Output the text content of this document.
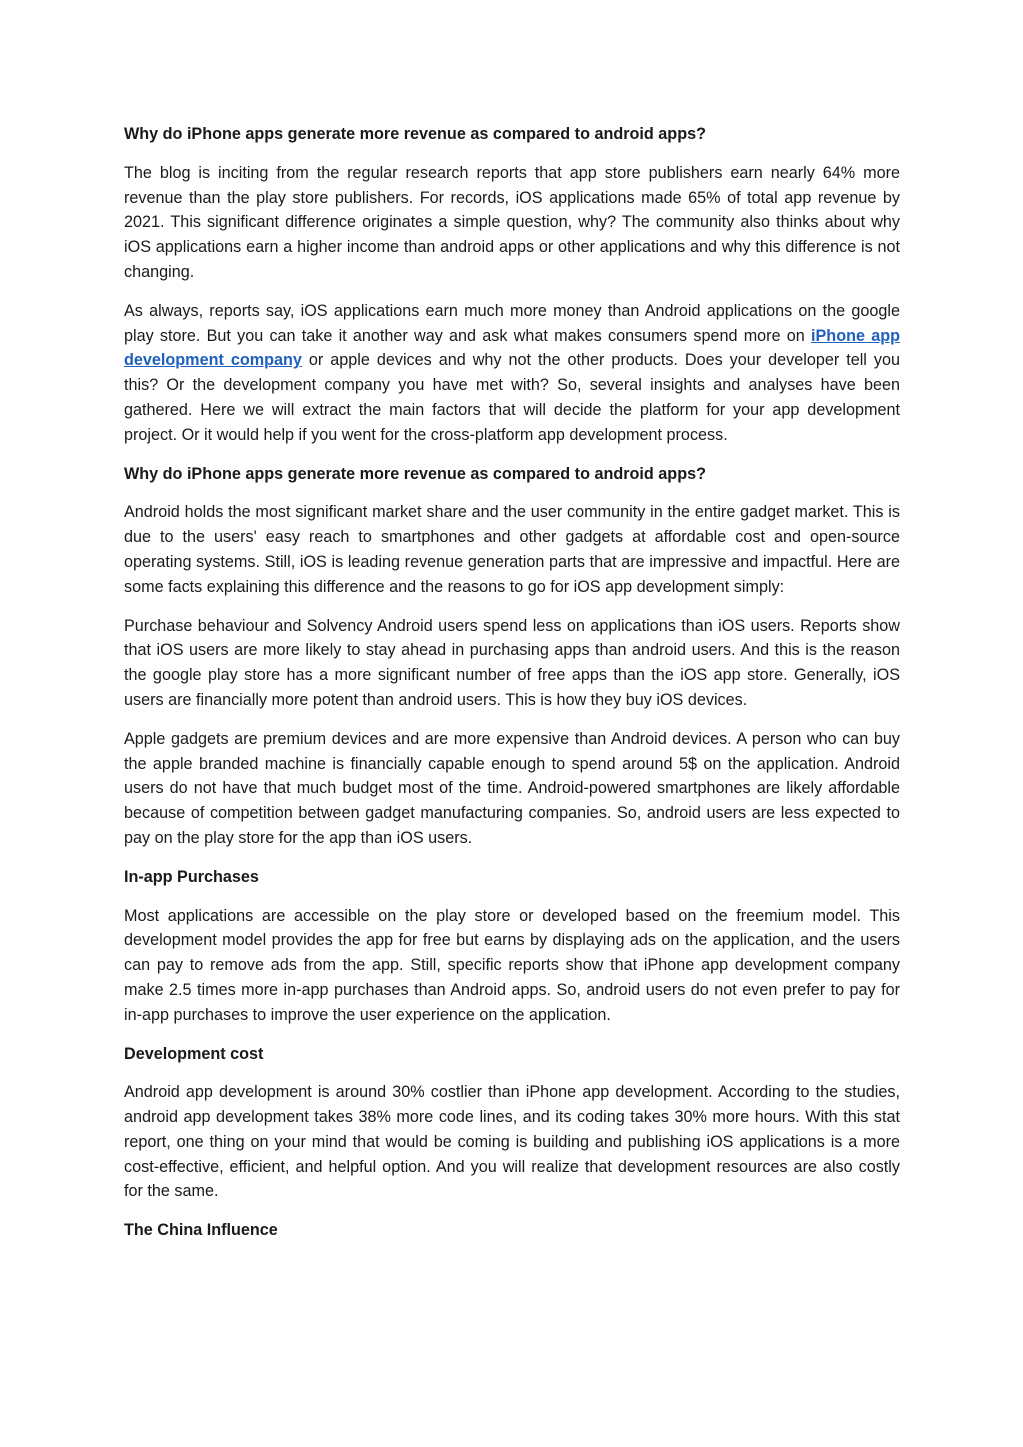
Why do iPhone apps generate more revenue as compared to android apps?

The blog is inciting from the regular research reports that app store publishers earn nearly 64% more revenue than the play store publishers. For records, iOS applications made 65% of total app revenue by 2021. This significant difference originates a simple question, why? The community also thinks about why iOS applications earn a higher income than android apps or other applications and why this difference is not changing.

As always, reports say, iOS applications earn much more money than Android applications on the google play store. But you can take it another way and ask what makes consumers spend more on iPhone app development company or apple devices and why not the other products. Does your developer tell you this? Or the development company you have met with? So, several insights and analyses have been gathered. Here we will extract the main factors that will decide the platform for your app development project. Or it would help if you went for the cross-platform app development process.

Why do iPhone apps generate more revenue as compared to android apps?

Android holds the most significant market share and the user community in the entire gadget market. This is due to the users' easy reach to smartphones and other gadgets at affordable cost and open-source operating systems. Still, iOS is leading revenue generation parts that are impressive and impactful. Here are some facts explaining this difference and the reasons to go for iOS app development simply:

Purchase behaviour and Solvency Android users spend less on applications than iOS users. Reports show that iOS users are more likely to stay ahead in purchasing apps than android users. And this is the reason the google play store has a more significant number of free apps than the iOS app store. Generally, iOS users are financially more potent than android users. This is how they buy iOS devices.

Apple gadgets are premium devices and are more expensive than Android devices. A person who can buy the apple branded machine is financially capable enough to spend around 5$ on the application. Android users do not have that much budget most of the time. Android-powered smartphones are likely affordable because of competition between gadget manufacturing companies. So, android users are less expected to pay on the play store for the app than iOS users.

In-app Purchases

Most applications are accessible on the play store or developed based on the freemium model. This development model provides the app for free but earns by displaying ads on the application, and the users can pay to remove ads from the app. Still, specific reports show that iPhone app development company make 2.5 times more in-app purchases than Android apps. So, android users do not even prefer to pay for in-app purchases to improve the user experience on the application.

Development cost

Android app development is around 30% costlier than iPhone app development. According to the studies, android app development takes 38% more code lines, and its coding takes 30% more hours. With this stat report, one thing on your mind that would be coming is building and publishing iOS applications is a more cost-effective, efficient, and helpful option. And you will realize that development resources are also costly for the same.

The China Influence
